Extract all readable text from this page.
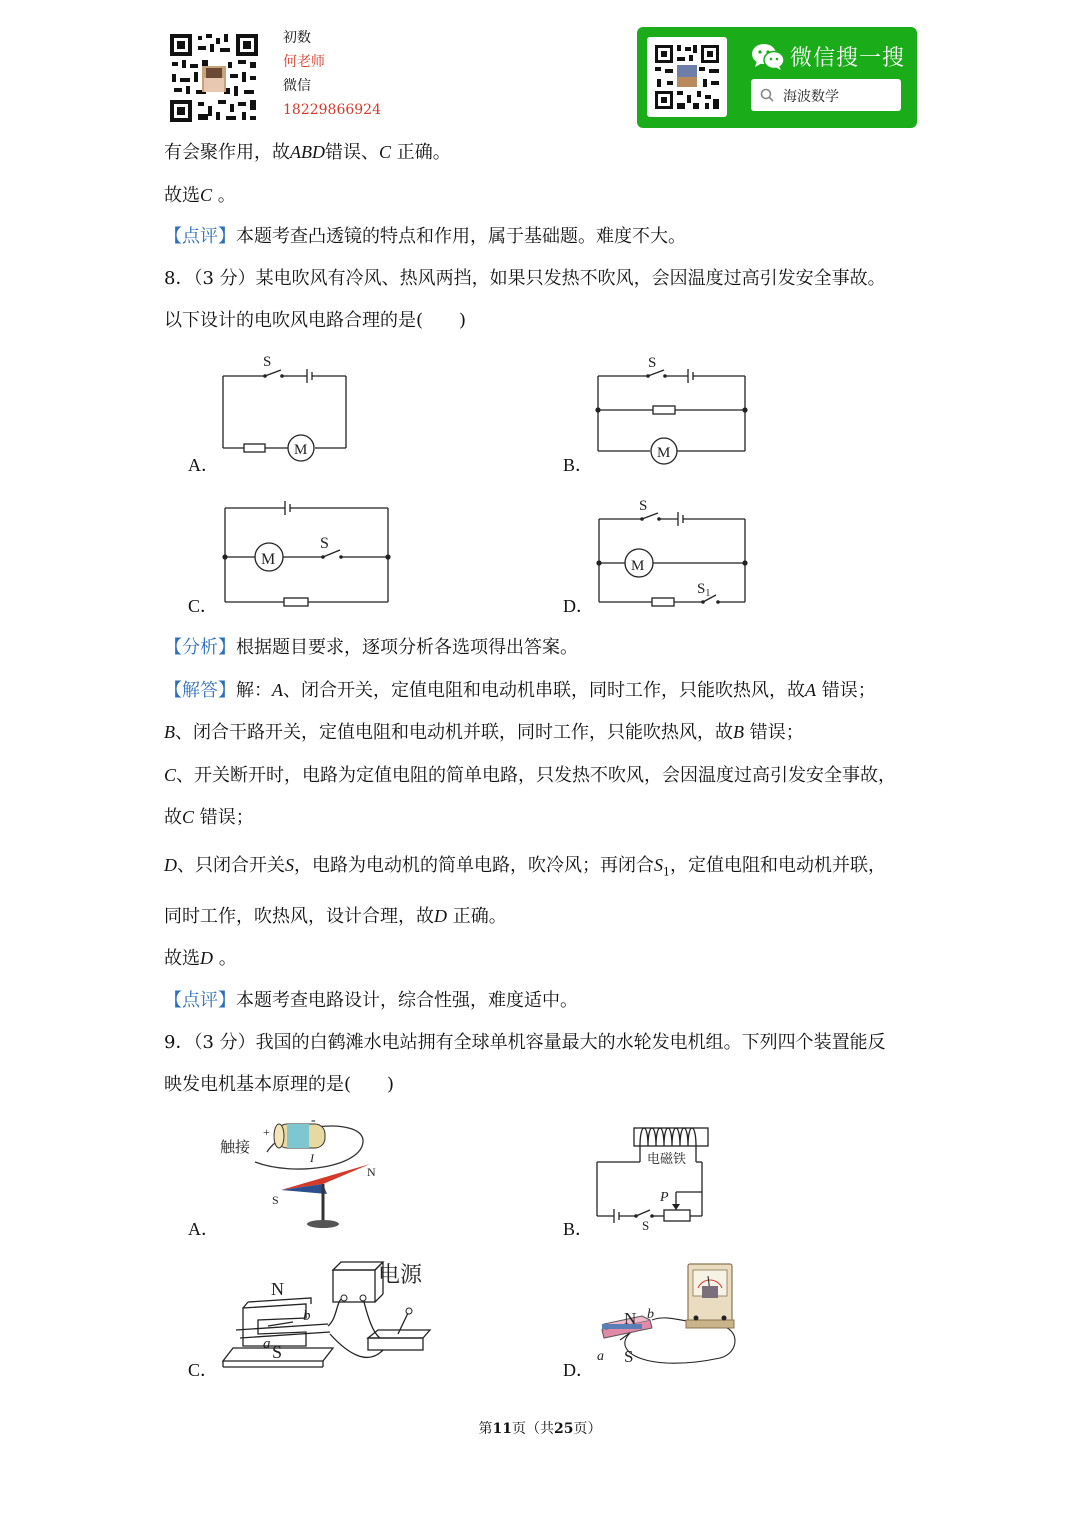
初数
何老师
微信
18229866924
微信搜一搜
海波数学
有会聚作用，故ABD错误、C 正确。
故选C 。
【点评】本题考查凸透镜的特点和作用，属于基础题。难度不大。
8．（3 分）某电吹风有冷风、热风两挡，如果只发热不吹风，会因温度过高引发安全事故。
以下设计的电吹风电路合理的是(　　)
A．	B．
C．	D．
S
M
S
M
S
M
S
$S_1$
M
【分析】根据题目要求，逐项分析各选项得出答案。
【解答】解：A、闭合开关，定值电阻和电动机串联，同时工作，只能吹热风，故A 错误；
B、闭合干路开关，定值电阻和电动机并联，同时工作，只能吹热风，故B 错误；
C、开关断开时，电路为定值电阻的简单电路，只发热不吹风，会因温度过高引发安全事故，
故C 错误；
D、只闭合开关S，电路为电动机的简单电路，吹冷风；再闭合$S_1$，定值电阻和电动机并联，
同时工作，吹热风，设计合理，故D 正确。
故选D 。
【点评】本题考查电路设计，综合性强，难度适中。
9．（3 分）我国的白鹤滩水电站拥有全球单机容量最大的水轮发电机组。下列四个装置能反
映发电机基本原理的是(　　)
A．	B．
C．	D．
触接
+
-
I
N
S
电磁铁
P
S
电源
N
b
a S
N b
a S
第11页（共25页）
